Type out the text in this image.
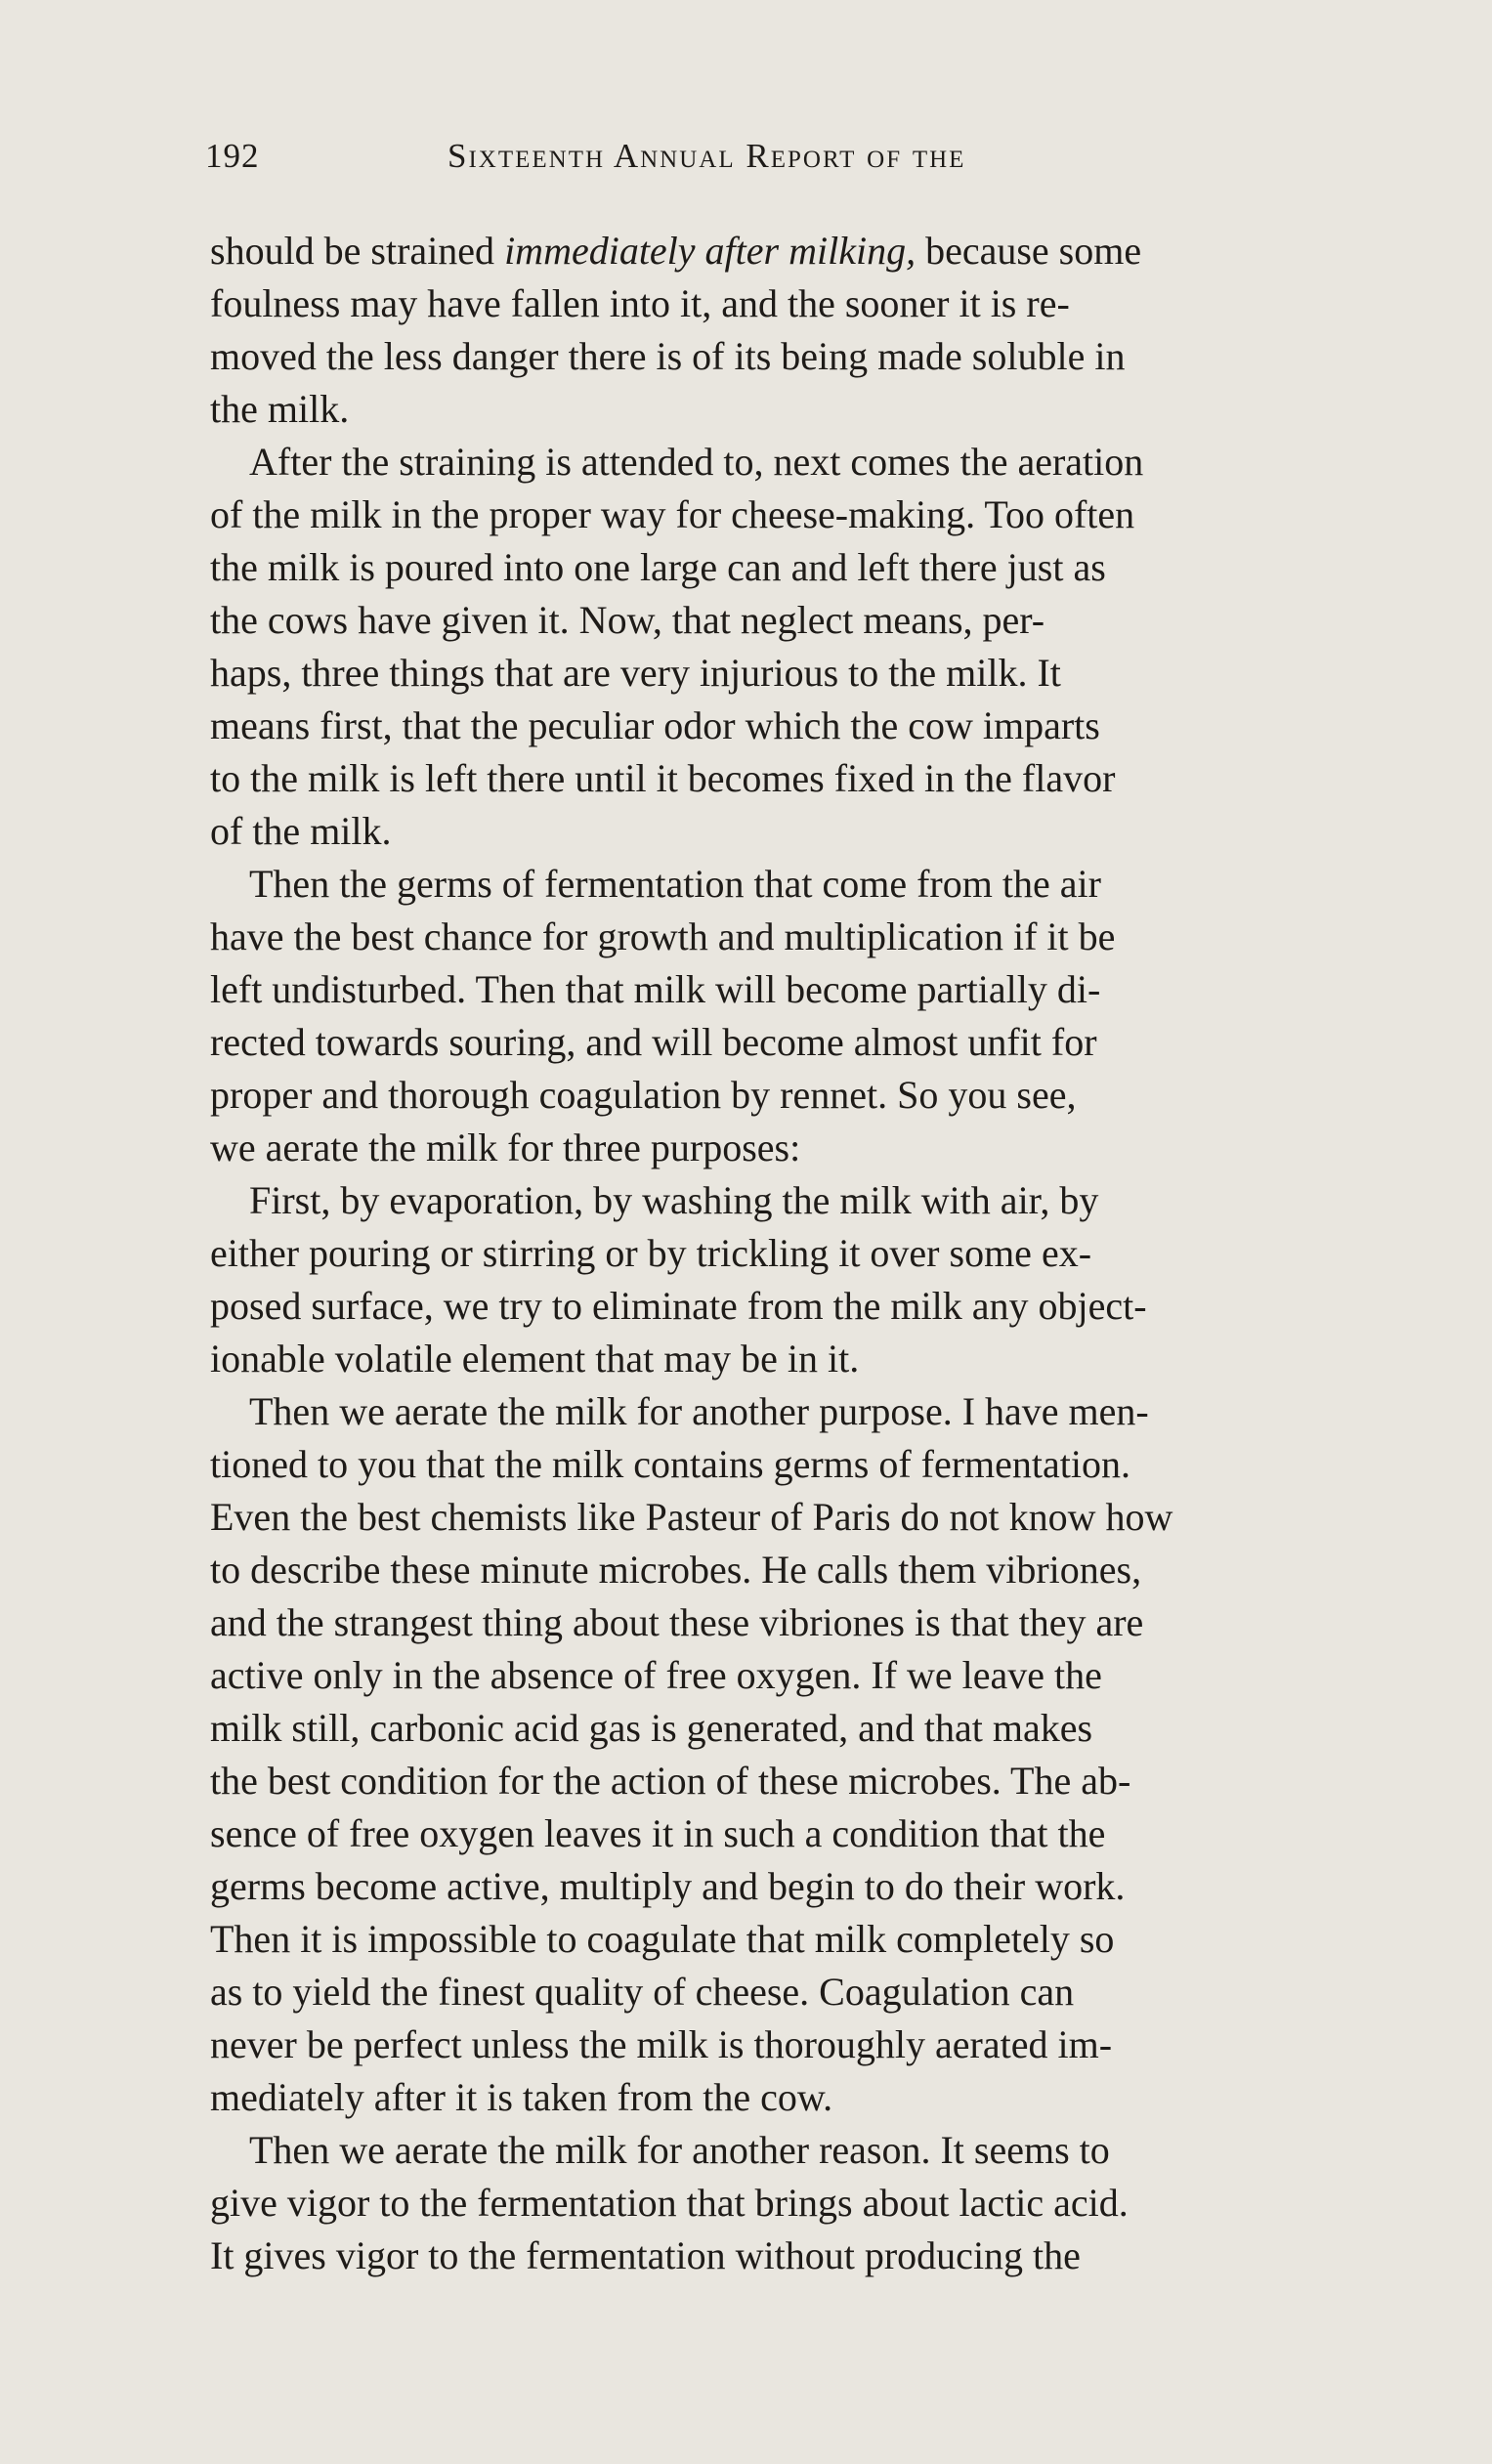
192	Sixteenth Annual Report of the
should be strained immediately after milking, because some
foulness may have fallen into it, and the sooner it is re-
moved the less danger there is of its being made soluble in
the milk.
After the straining is attended to, next comes the aeration
of the milk in the proper way for cheese-making. Too often
the milk is poured into one large can and left there just as
the cows have given it. Now, that neglect means, per-
haps, three things that are very injurious to the milk. It
means first, that the peculiar odor which the cow imparts
to the milk is left there until it becomes fixed in the flavor
of the milk.
Then the germs of fermentation that come from the air
have the best chance for growth and multiplication if it be
left undisturbed. Then that milk will become partially di-
rected towards souring, and will become almost unfit for
proper and thorough coagulation by rennet. So you see,
we aerate the milk for three purposes:
First, by evaporation, by washing the milk with air, by
either pouring or stirring or by trickling it over some ex-
posed surface, we try to eliminate from the milk any object-
ionable volatile element that may be in it.
Then we aerate the milk for another purpose. I have men-
tioned to you that the milk contains germs of fermentation.
Even the best chemists like Pasteur of Paris do not know how
to describe these minute microbes. He calls them vibriones,
and the strangest thing about these vibriones is that they are
active only in the absence of free oxygen. If we leave the
milk still, carbonic acid gas is generated, and that makes
the best condition for the action of these microbes. The ab-
sence of free oxygen leaves it in such a condition that the
germs become active, multiply and begin to do their work.
Then it is impossible to coagulate that milk completely so
as to yield the finest quality of cheese. Coagulation can
never be perfect unless the milk is thoroughly aerated im-
mediately after it is taken from the cow.
Then we aerate the milk for another reason. It seems to
give vigor to the fermentation that brings about lactic acid.
It gives vigor to the fermentation without producing the
